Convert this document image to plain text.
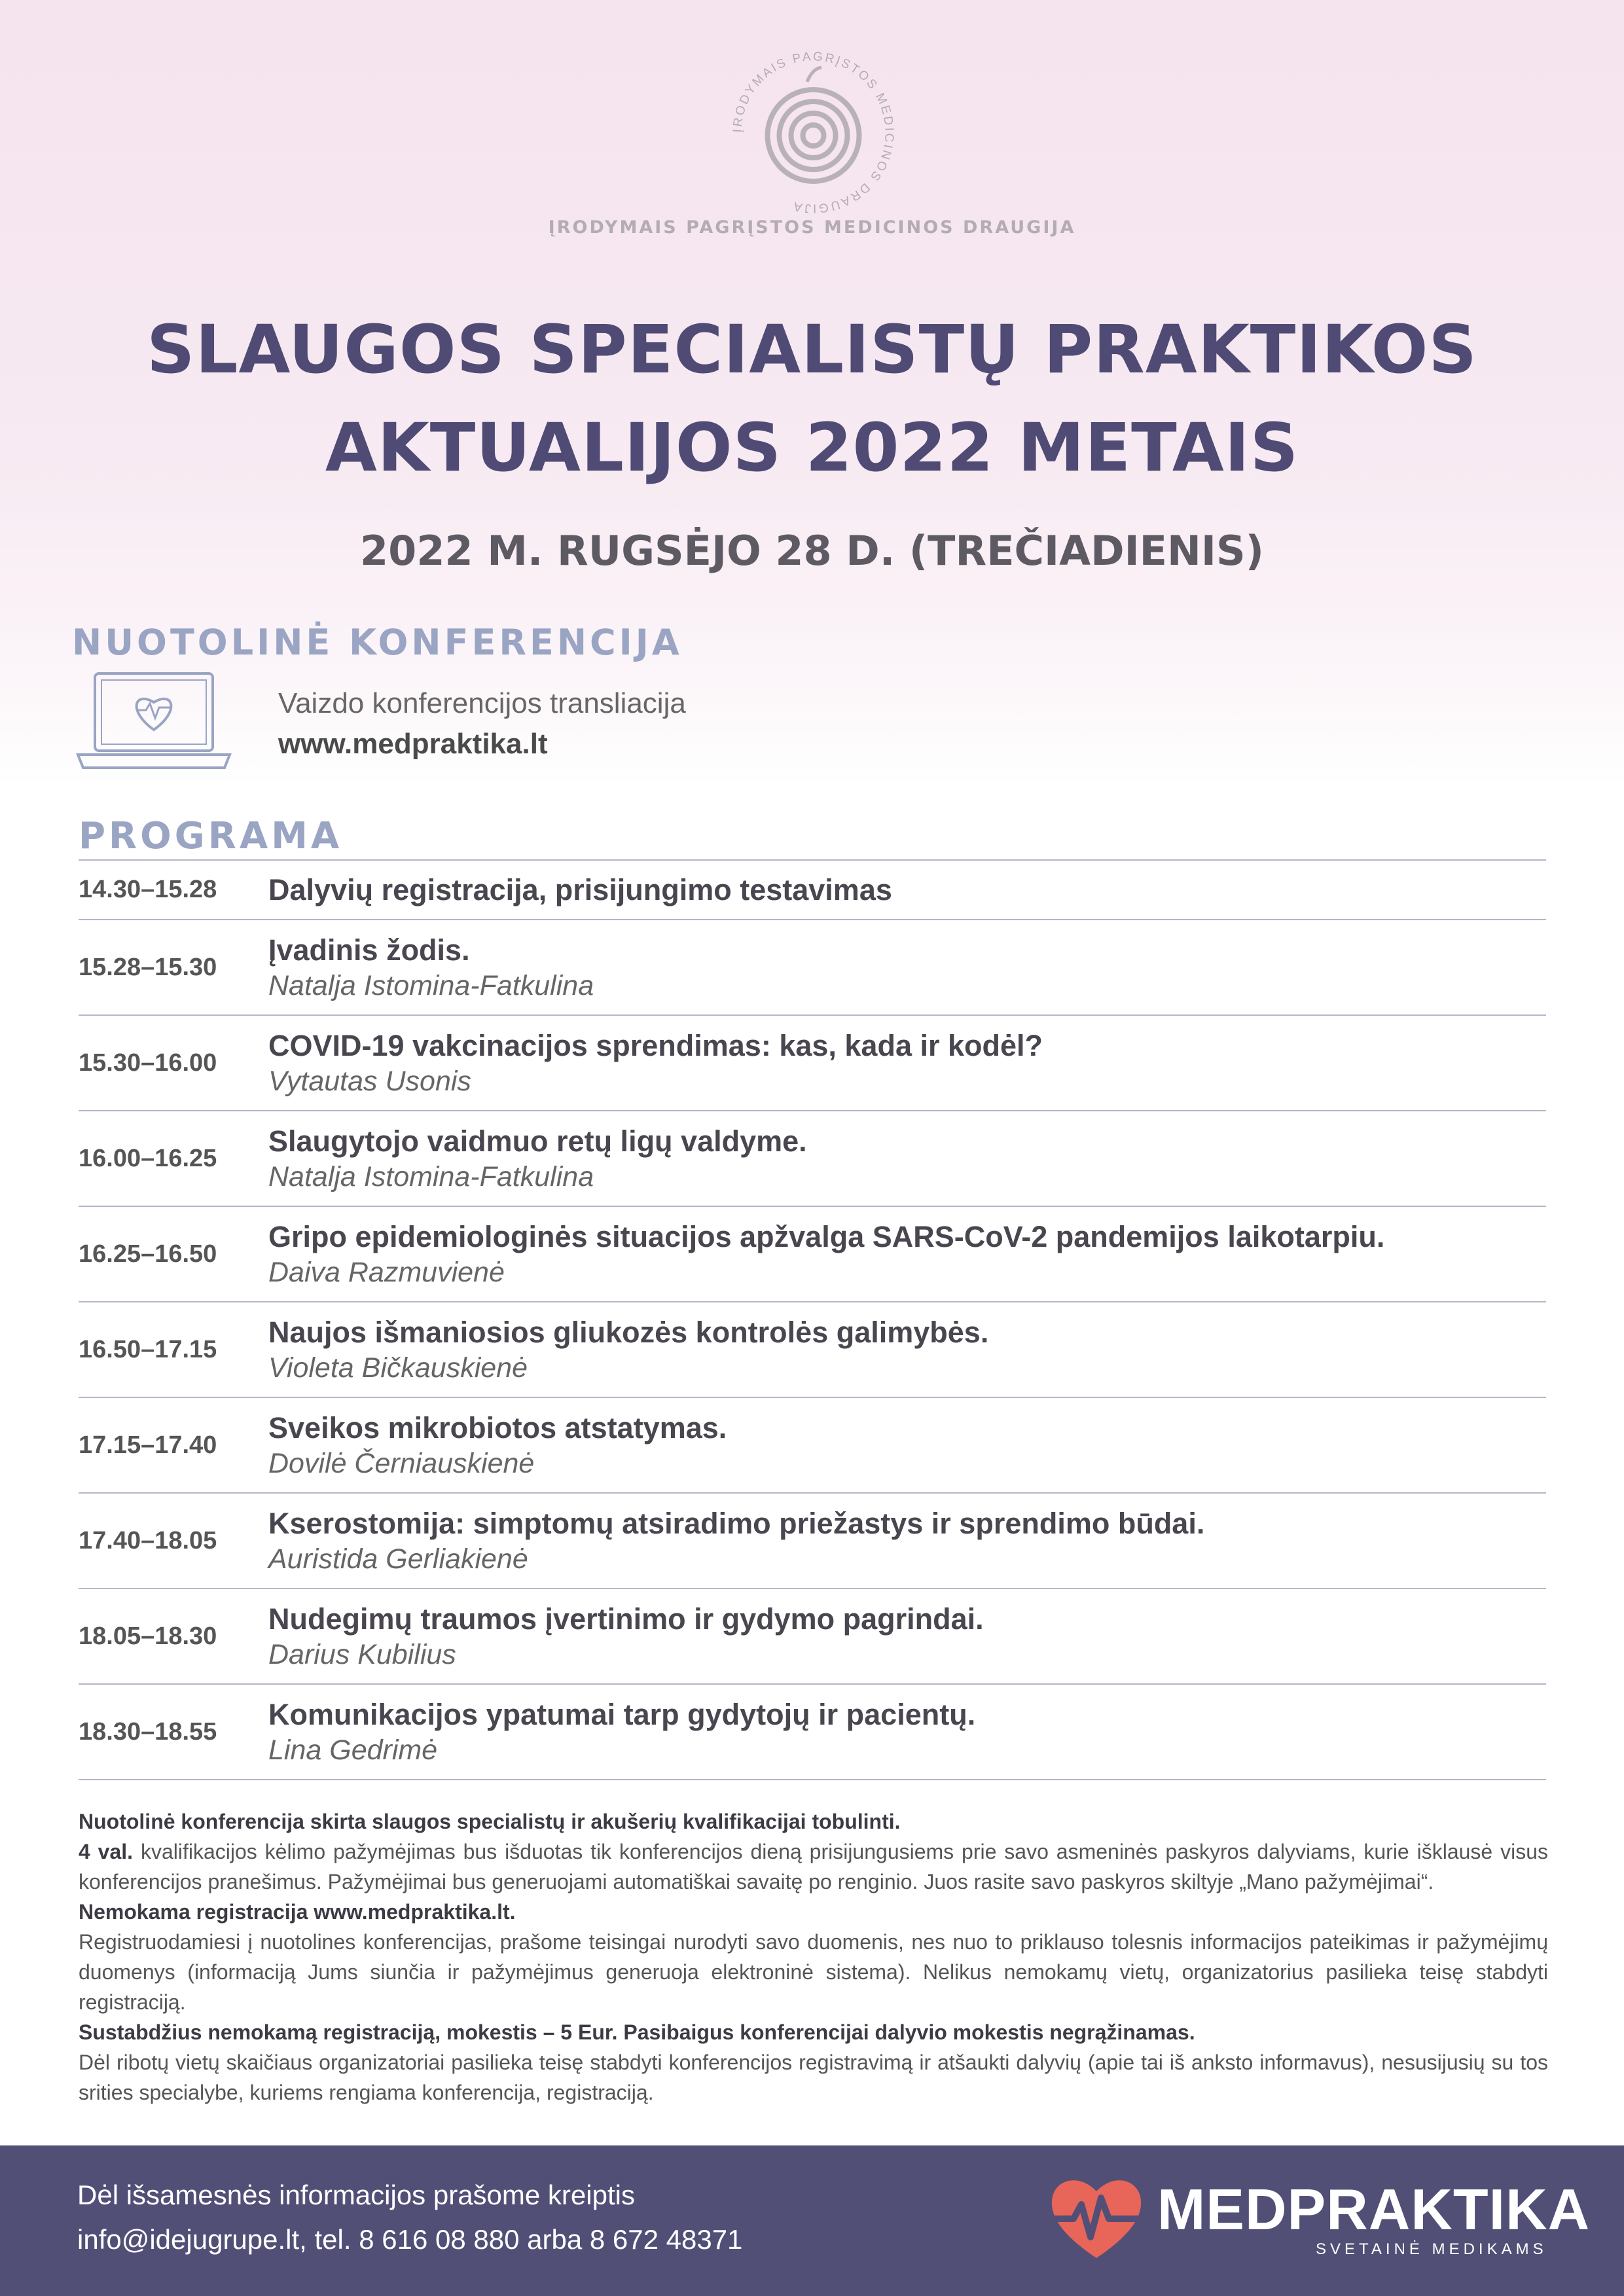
ĮRODYMAIS PAGRĮSTOS MEDICINOS DRAUGIJA
ĮRODYMAIS PAGRĮSTOS MEDICINOS DRAUGIJA
SLAUGOS SPECIALISTŲ PRAKTIKOS
AKTUALIJOS 2022 METAIS
2022 M. RUGSĖJO 28 D. (TREČIADIENIS)
NUOTOLINĖ KONFERENCIJA
Vaizdo konferencijos transliacija
www.medpraktika.lt
PROGRAMA
14.30–15.28	Dalyvių registracija, prisijungimo testavimas
15.28–15.30
Įvadinis žodis.
Natalja Istomina-Fatkulina
15.30–16.00
COVID-19 vakcinacijos sprendimas: kas, kada ir kodėl?
Vytautas Usonis
16.00–16.25
Slaugytojo vaidmuo retų ligų valdyme.
Natalja Istomina-Fatkulina
16.25–16.50
Gripo epidemiologinės situacijos apžvalga SARS-CoV-2 pandemijos laikotarpiu.
Daiva Razmuvienė
16.50–17.15
Naujos išmaniosios gliukozės kontrolės galimybės.
Violeta Bičkauskienė
17.15–17.40
Sveikos mikrobiotos atstatymas.
Dovilė Černiauskienė
17.40–18.05
Kserostomija: simptomų atsiradimo priežastys ir sprendimo būdai.
Auristida Gerliakienė
18.05–18.30
Nudegimų traumos įvertinimo ir gydymo pagrindai.
Darius Kubilius
18.30–18.55
Komunikacijos ypatumai tarp gydytojų ir pacientų.
Lina Gedrimė
Nuotolinė konferencija skirta slaugos specialistų ir akušerių kvalifikacijai tobulinti.
4 val. kvalifikacijos kėlimo pažymėjimas bus išduotas tik konferencijos dieną prisijungusiems prie savo asmeninės paskyros dalyviams, kurie išklausė visus konferencijos pranešimus. Pažymėjimai bus generuojami automatiškai savaitę po renginio. Juos rasite savo paskyros skiltyje „Mano pažymėjimai“.
Nemokama registracija www.medpraktika.lt.
Registruodamiesi į nuotolines konferencijas, prašome teisingai nurodyti savo duomenis, nes nuo to priklauso tolesnis informacijos pateikimas ir pažymėjimų duomenys (informaciją Jums siunčia ir pažymėjimus generuoja elektroninė sistema). Nelikus nemokamų vietų, organizatorius pasilieka teisę stabdyti registraciją.
Sustabdžius nemokamą registraciją, mokestis – 5 Eur. Pasibaigus konferencijai dalyvio mokestis negrąžinamas.
Dėl ribotų vietų skaičiaus organizatoriai pasilieka teisę stabdyti konferencijos registravimą ir atšaukti dalyvių (apie tai iš anksto informavus), nesusijusių su tos srities specialybe, kuriems rengiama konferencija, registraciją.
Dėl išsamesnės informacijos prašome kreiptis
info@idejugrupe.lt, tel. 8 616 08 880 arba 8 672 48371	MEDPRAKTIKA
SVETAINĖ MEDIKAMS
